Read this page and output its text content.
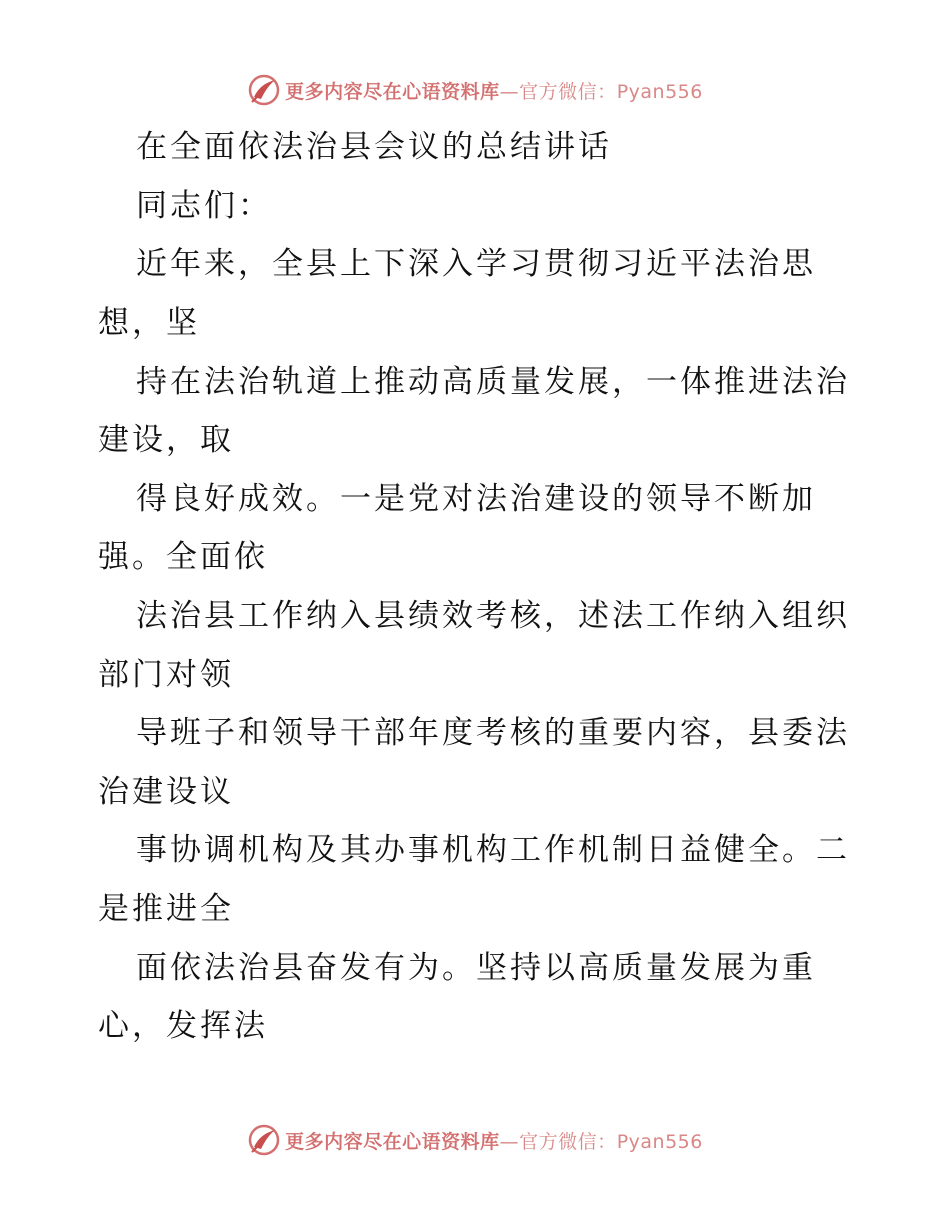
更多内容尽在心语资料库—官方微信：Pyan556
在全面依法治县会议的总结讲话
同志们：
近年来，全县上下深入学习贯彻习近平法治思
想，坚
持在法治轨道上推动高质量发展，一体推进法治
建设，取
得良好成效。一是党对法治建设的领导不断加
强。全面依
法治县工作纳入县绩效考核，述法工作纳入组织
部门对领
导班子和领导干部年度考核的重要内容，县委法
治建设议
事协调机构及其办事机构工作机制日益健全。二
是推进全
面依法治县奋发有为。坚持以高质量发展为重
心，发挥法
更多内容尽在心语资料库—官方微信：Pyan556
